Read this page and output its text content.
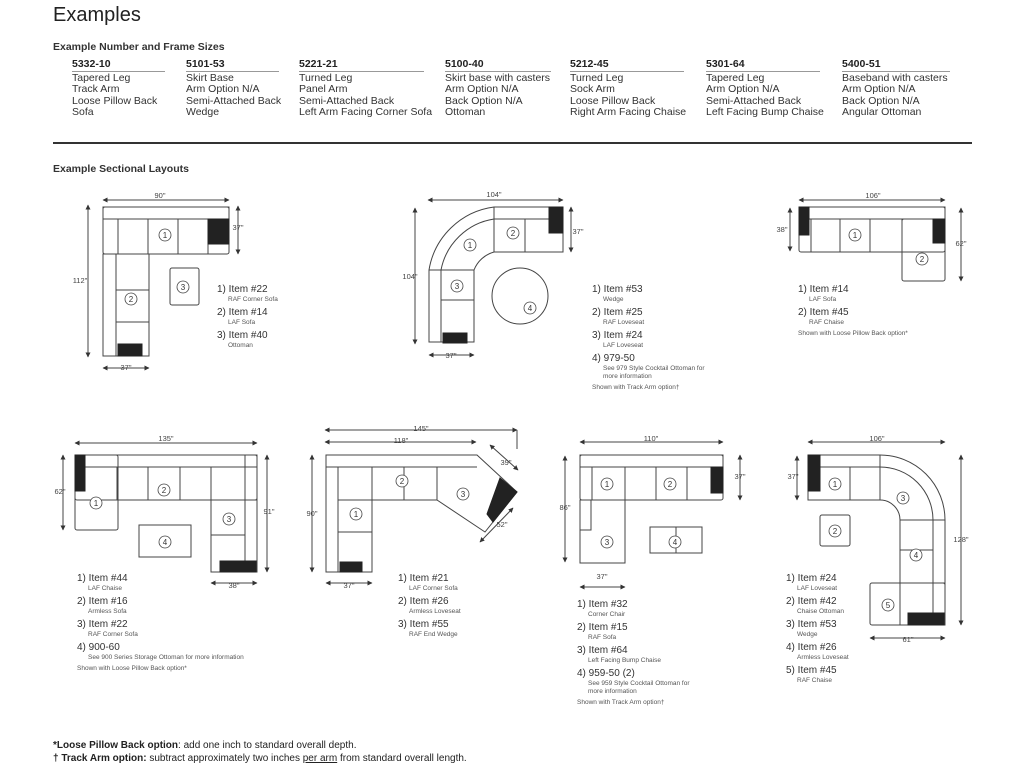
Examples
Example Number and Frame Sizes
5332-10
Tapered Leg
Track Arm
Loose Pillow Back
Sofa
5101-53
Skirt Base
Arm Option N/A
Semi-Attached Back
Wedge
5221-21
Turned Leg
Panel Arm
Semi-Attached Back
Left Arm Facing Corner Sofa
5100-40
Skirt base with casters
Arm Option N/A
Back Option N/A
Ottoman
5212-45
Turned Leg
Sock Arm
Loose Pillow Back
Right Arm Facing Chaise
5301-64
Tapered Leg
Arm Option N/A
Semi-Attached Back
Left Facing Bump Chaise
5400-51
Baseband with casters
Arm Option N/A
Back Option N/A
Angular Ottoman
Example Sectional Layouts
1
2
3
1
2
3
4
1
2
1
2
3
4
1
2
3
1	2
3	4
1
2
3
4
5
90"
112"
37"
37"
104"
104"
37"
37"
106"
38"
62"
135"
62"
91"
38"
145"
118"
90"
37"
39"
52"
110"
86"
37"
37"
106"
37"
128"
61"
1) Item #22
RAF Corner Sofa
2) Item #14
LAF Sofa
3) Item #40
Ottoman
1) Item #53
Wedge
2) Item #25
RAF Loveseat
3) Item #24
LAF Loveseat
4) 979-50
See 979 Style Cocktail Ottoman for more information
Shown with Track Arm option†
1) Item #14
LAF Sofa
2) Item #45
RAF Chaise
Shown with Loose Pillow Back option*
1) Item #44
LAF Chaise
2) Item #16
Armless Sofa
3) Item #22
RAF Corner Sofa
4) 900-60
See 900 Series Storage Ottoman for more information
Shown with Loose Pillow Back option*
1) Item #21
LAF Corner Sofa
2) Item #26
Armless Loveseat
3) Item #55
RAF End Wedge
1) Item #32
Corner Chair
2) Item #15
RAF Sofa
3) Item #64
Left Facing Bump Chaise
4) 959-50 (2)
See 959 Style Cocktail Ottoman for more information
Shown with Track Arm option†
1) Item #24
LAF Loveseat
2) Item #42
Chaise Ottoman
3) Item #53
Wedge
4) Item #26
Armless Loveseat
5) Item #45
RAF Chaise
*Loose Pillow Back option: add one inch to standard overall depth.
† Track Arm option: subtract approximately two inches per arm from standard overall length.
